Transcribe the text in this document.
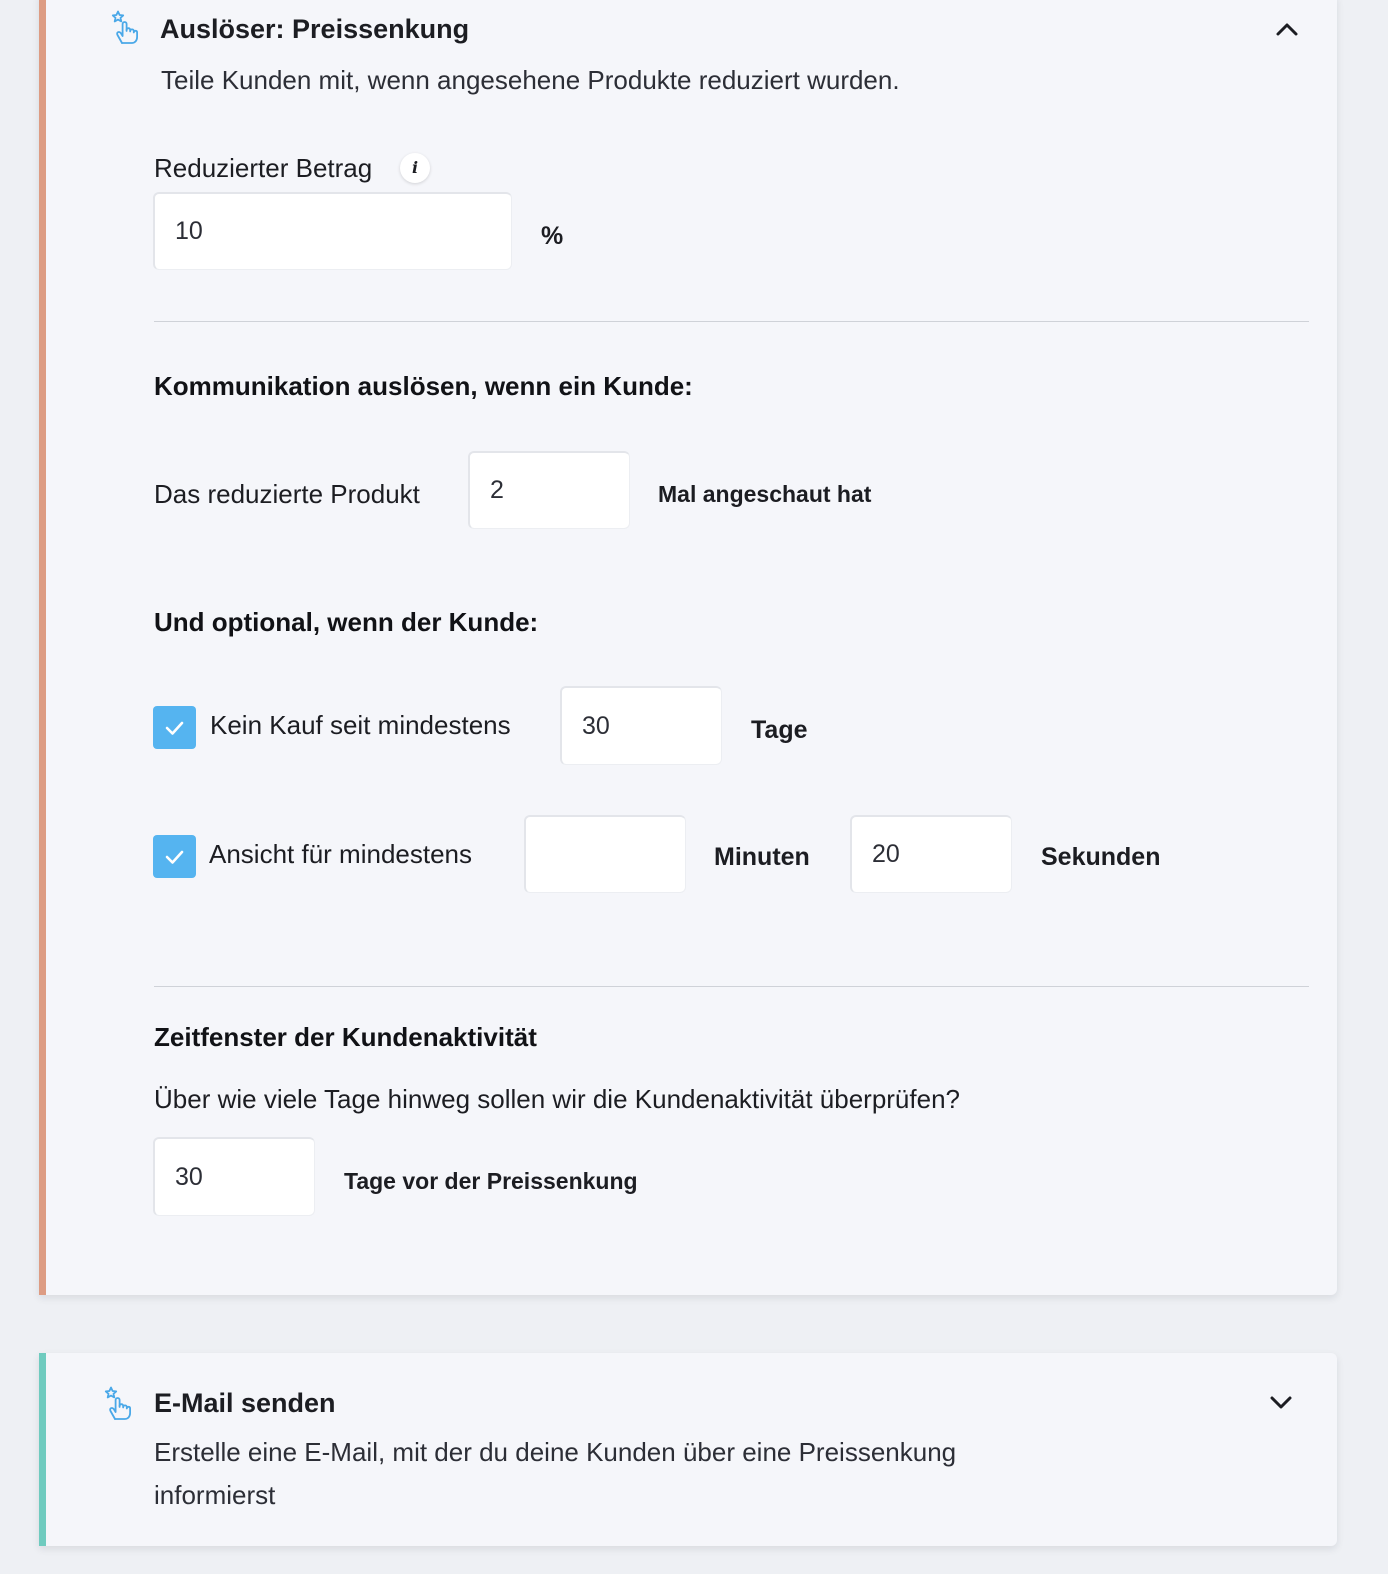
Auslöser: Preissenkung
Teile Kunden mit, wenn angesehene Produkte reduziert wurden.
Reduzierter Betrag	i
10
%
Kommunikation auslösen, wenn ein Kunde:
Das reduzierte Produkt
2	Mal angeschaut hat
Und optional, wenn der Kunde:
Kein Kauf seit mindestens
30	Tage
Ansicht für mindestens	Minuten
20	Sekunden
Zeitfenster der Kundenaktivität
Über wie viele Tage hinweg sollen wir die Kundenaktivität überprüfen?
30
Tage vor der Preissenkung
E-Mail senden
Erstelle eine E-Mail, mit der du deine Kunden über eine Preissenkung informierst
